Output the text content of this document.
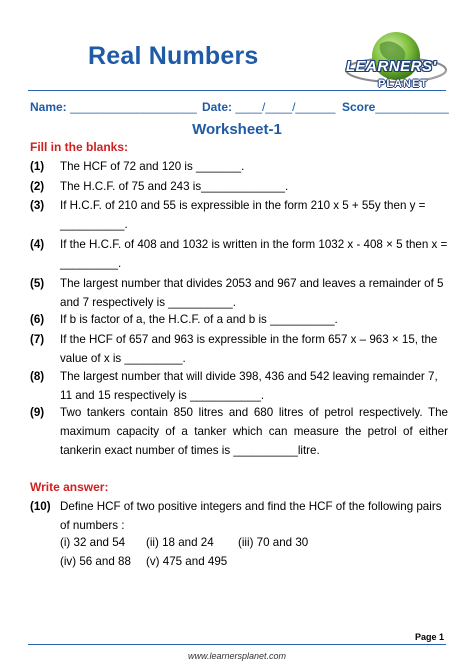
Real Numbers	LEARNERS'
PLANET
Name: ___________________ Date: ____/____/______ Score___________
Worksheet-1
Fill in the blanks:
(1) The HCF of 72 and 120 is _______.
(2) The H.C.F. of 75 and 243 is_____________.
(3) If H.C.F. of 210 and 55 is expressible in the form 210 x 5 + 55y then y = __________.
(4) If the H.C.F. of 408 and 1032 is written in the form 1032 x - 408 × 5 then x = _________.
(5) The largest number that divides 2053 and 967 and leaves a remainder of 5 and 7 respectively is __________.
(6) If b is factor of a, the H.C.F. of a and b is __________.
(7) If the HCF of 657 and 963 is expressible in the form 657 x – 963 × 15, the value of x is _________.
(8) The largest number that will divide 398, 436 and 542 leaving remainder 7, 11 and 15 respectively is ___________.
(9) Two tankers contain 850 litres and 680 litres of petrol respectively. The maximum capacity of a tanker which can measure the petrol of either tankerin exact number of times is __________litre.
Write answer:
(10) Define HCF of two positive integers and find the HCF of the following pairs of numbers :
(i) 32 and 54 (ii) 18 and 24 (iii) 70 and 30
(iv) 56 and 88 (v) 475 and 495
Page 1
www.learnersplanet.com
